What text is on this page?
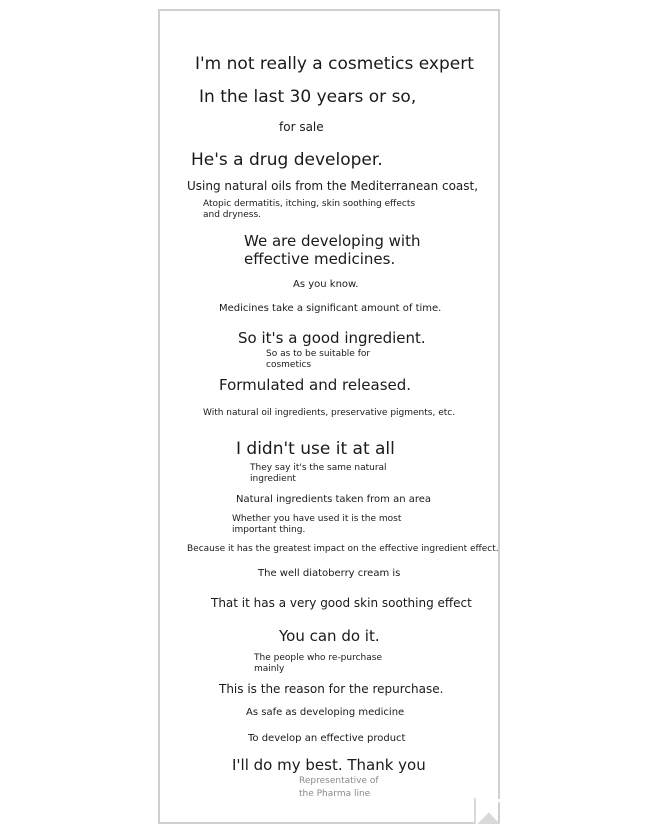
I'm not really a cosmetics expert
In the last 30 years or so,
for sale
He's a drug developer.
Using natural oils from the Mediterranean coast,
Atopic dermatitis, itching, skin soothing effects and dryness.
We are developing with effective medicines.
As you know.
Medicines take a significant amount of time.
So it's a good ingredient.
So as to be suitable for cosmetics
Formulated and released.
With natural oil ingredients, preservative pigments, etc.
I didn't use it at all
They say it's the same natural ingredient
Natural ingredients taken from an area
Whether you have used it is the most important thing.
Because it has the greatest impact on the effective ingredient effect.
The well diatoberry cream is
That it has a very good skin soothing effect
You can do it.
The people who re-purchase mainly
This is the reason for the repurchase.
As safe as developing medicine
To develop an effective product
I'll do my best. Thank you
Representative of the Pharma line
